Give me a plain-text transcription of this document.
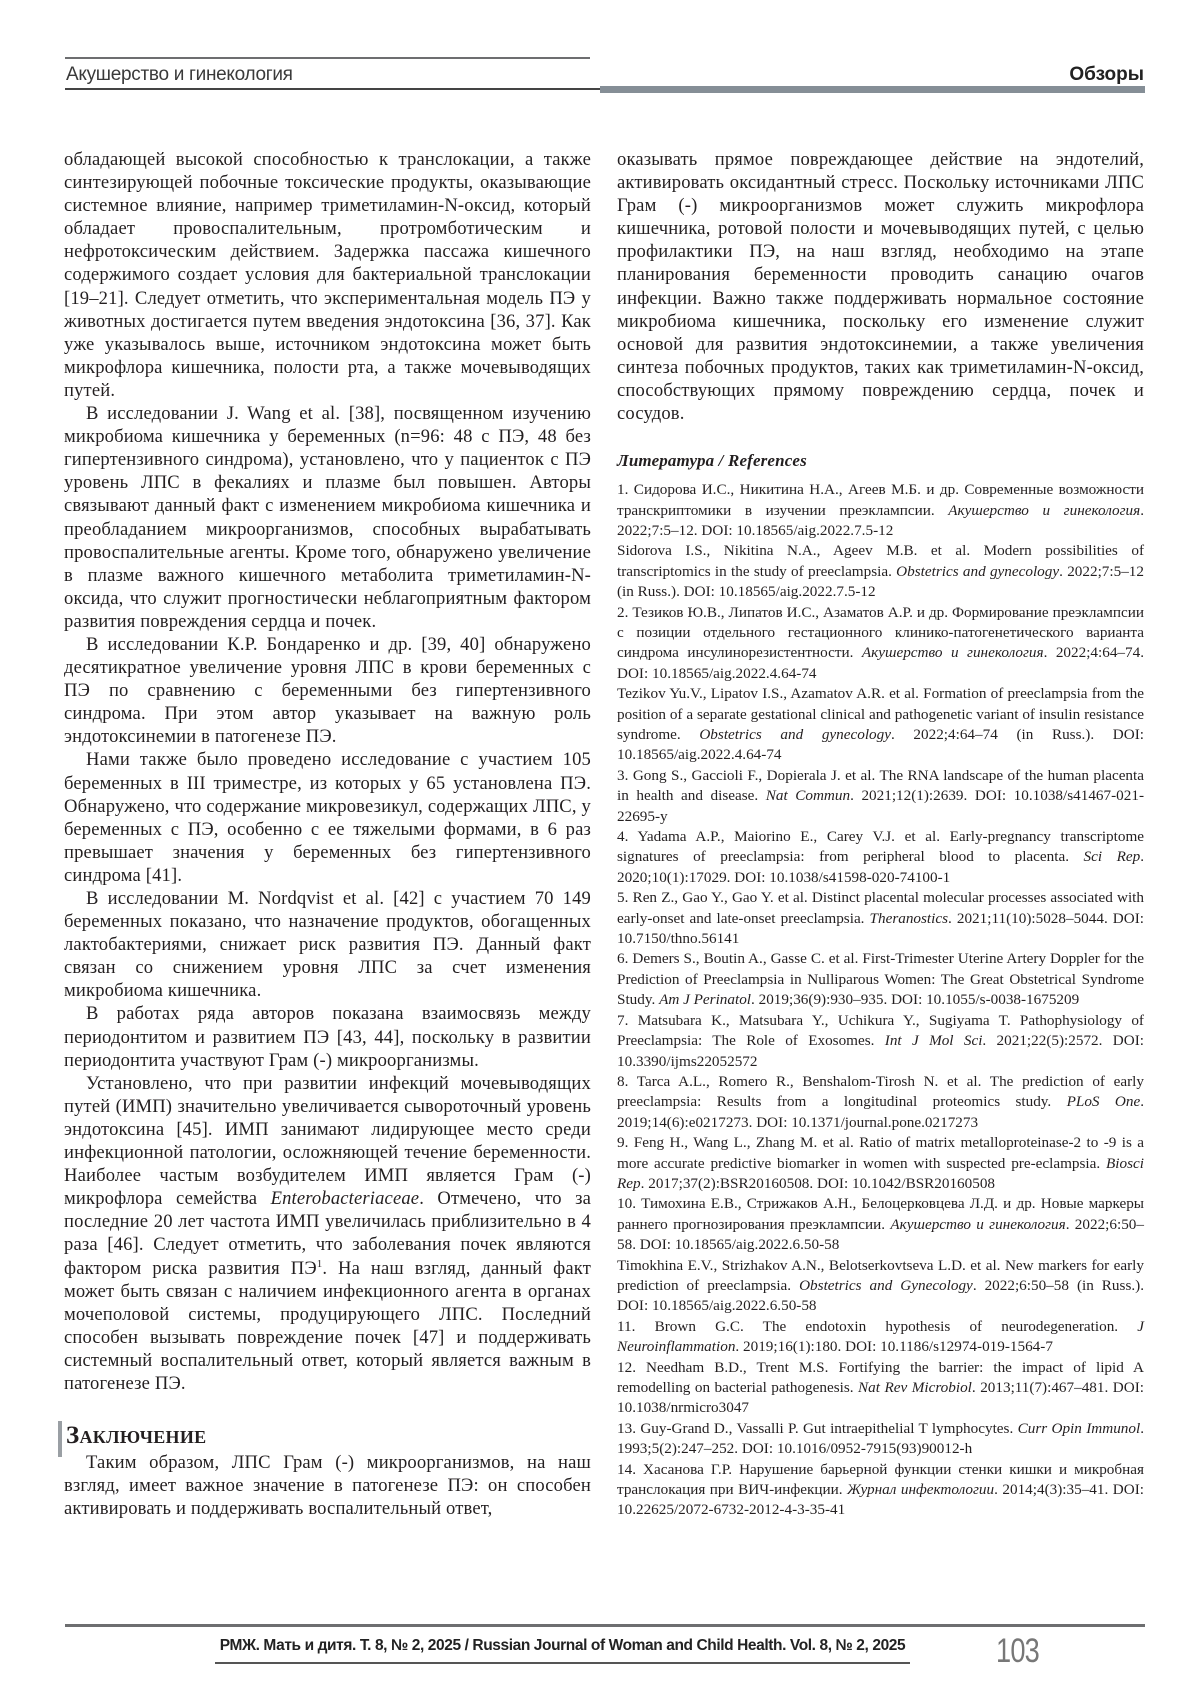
Акушерство и гинекология	Обзоры

обладающей высокой способностью к транслокации, а также синтезирующей побочные токсические продукты, оказывающие системное влияние, например триметиламин-N-оксид, который обладает провоспалительным, протромботическим и нефротоксическим действием. Задержка пассажа кишечного содержимого создает условия для бактериальной транслокации [19–21]. Следует отметить, что экспериментальная модель ПЭ у животных достигается путем введения эндотоксина [36, 37]. Как уже указывалось выше, источником эндотоксина может быть микрофлора кишечника, полости рта, а также мочевыводящих путей.

В исследовании J. Wang et al. [38], посвященном изучению микробиома кишечника у беременных (n=96: 48 с ПЭ, 48 без гипертензивного синдрома), установлено, что у пациенток с ПЭ уровень ЛПС в фекалиях и плазме был повышен. Авторы связывают данный факт с изменением микробиома кишечника и преобладанием микроорганизмов, способных вырабатывать провоспалительные агенты. Кроме того, обнаружено увеличение в плазме важного кишечного метаболита триметиламин-N-оксида, что служит прогностически неблагоприятным фактором развития повреждения сердца и почек.

В исследовании К.Р. Бондаренко и др. [39, 40] обнаружено десятикратное увеличение уровня ЛПС в крови беременных с ПЭ по сравнению с беременными без гипертензивного синдрома. При этом автор указывает на важную роль эндотоксинемии в патогенезе ПЭ.

Нами также было проведено исследование с участием 105 беременных в III триместре, из которых у 65 установлена ПЭ. Обнаружено, что содержание микровезикул, содержащих ЛПС, у беременных с ПЭ, особенно с ее тяжелыми формами, в 6 раз превышает значения у беременных без гипертензивного синдрома [41].

В исследовании M. Nordqvist et al. [42] с участием 70 149 беременных показано, что назначение продуктов, обогащенных лактобактериями, снижает риск развития ПЭ. Данный факт связан со снижением уровня ЛПС за счет изменения микробиома кишечника.

В работах ряда авторов показана взаимосвязь между периодонтитом и развитием ПЭ [43, 44], поскольку в развитии периодонтита участвуют Грам (-) микроорганизмы.

Установлено, что при развитии инфекций мочевыводящих путей (ИМП) значительно увеличивается сывороточный уровень эндотоксина [45]. ИМП занимают лидирующее место среди инфекционной патологии, осложняющей течение беременности. Наиболее частым возбудителем ИМП является Грам (-) микрофлора семейства Enterobacteriaceae. Отмечено, что за последние 20 лет частота ИМП увеличилась приблизительно в 4 раза [46]. Следует отметить, что заболевания почек являются фактором риска развития ПЭ1. На наш взгляд, данный факт может быть связан с наличием инфекционного агента в органах мочеполовой системы, продуцирующего ЛПС. Последний способен вызывать повреждение почек [47] и поддерживать системный воспалительный ответ, который является важным в патогенезе ПЭ.

Заключение

Таким образом, ЛПС Грам (-) микроорганизмов, на наш взгляд, имеет важное значение в патогенезе ПЭ: он способен активировать и поддерживать воспалительный ответ,

оказывать прямое повреждающее действие на эндотелий, активировать оксидантный стресс. Поскольку источниками ЛПС Грам (-) микроорганизмов может служить микрофлора кишечника, ротовой полости и мочевыводящих путей, с целью профилактики ПЭ, на наш взгляд, необходимо на этапе планирования беременности проводить санацию очагов инфекции. Важно также поддерживать нормальное состояние микробиома кишечника, поскольку его изменение служит основой для развития эндотоксинемии, а также увеличения синтеза побочных продуктов, таких как триметиламин-N-оксид, способствующих прямому повреждению сердца, почек и сосудов.

Литература / References
1. Сидорова И.С., Никитина Н.А., Агеев М.Б. и др. Современные возможности транскриптомики в изучении преэклампсии. Акушерство и гинекология. 2022;7:5–12. DOI: 10.18565/aig.2022.7.5-12
Sidorova I.S., Nikitina N.A., Ageev M.B. et al. Modern possibilities of transcriptomics in the study of preeclampsia. Obstetrics and gynecology. 2022;7:5–12 (in Russ.). DOI: 10.18565/aig.2022.7.5-12
2. Тезиков Ю.В., Липатов И.С., Азаматов А.Р. и др. Формирование преэклампсии с позиции отдельного гестационного клинико-патогенетического варианта синдрома инсулинорезистентности. Акушерство и гинекология. 2022;4:64–74. DOI: 10.18565/aig.2022.4.64-74
Tezikov Yu.V., Lipatov I.S., Azamatov A.R. et al. Formation of preeclampsia from the position of a separate gestational clinical and pathogenetic variant of insulin resistance syndrome. Obstetrics and gynecology. 2022;4:64–74 (in Russ.). DOI: 10.18565/aig.2022.4.64-74
3. Gong S., Gaccioli F., Dopierala J. et al. The RNA landscape of the human placenta in health and disease. Nat Commun. 2021;12(1):2639. DOI: 10.1038/s41467-021-22695-y
4. Yadama A.P., Maiorino E., Carey V.J. et al. Early-pregnancy transcriptome signatures of preeclampsia: from peripheral blood to placenta. Sci Rep. 2020;10(1):17029. DOI: 10.1038/s41598-020-74100-1
5. Ren Z., Gao Y., Gao Y. et al. Distinct placental molecular processes associated with early-onset and late-onset preeclampsia. Theranostics. 2021;11(10):5028–5044. DOI: 10.7150/thno.56141
6. Demers S., Boutin A., Gasse C. et al. First-Trimester Uterine Artery Doppler for the Prediction of Preeclampsia in Nulliparous Women: The Great Obstetrical Syndrome Study. Am J Perinatol. 2019;36(9):930–935. DOI: 10.1055/s-0038-1675209
7. Matsubara K., Matsubara Y., Uchikura Y., Sugiyama T. Pathophysiology of Preeclampsia: The Role of Exosomes. Int J Mol Sci. 2021;22(5):2572. DOI: 10.3390/ijms22052572
8. Tarca A.L., Romero R., Benshalom-Tirosh N. et al. The prediction of early preeclampsia: Results from a longitudinal proteomics study. PLoS One. 2019;14(6):e0217273. DOI: 10.1371/journal.pone.0217273
9. Feng H., Wang L., Zhang M. et al. Ratio of matrix metalloproteinase-2 to -9 is a more accurate predictive biomarker in women with suspected pre-eclampsia. Biosci Rep. 2017;37(2):BSR20160508. DOI: 10.1042/BSR20160508
10. Тимохина Е.В., Стрижаков А.Н., Белоцерковцева Л.Д. и др. Новые маркеры раннего прогнозирования преэклампсии. Акушерство и гинекология. 2022;6:50–58. DOI: 10.18565/aig.2022.6.50-58
Timokhina E.V., Strizhakov A.N., Belotserkovtseva L.D. et al. New markers for early prediction of preeclampsia. Obstetrics and Gynecology. 2022;6:50–58 (in Russ.). DOI: 10.18565/aig.2022.6.50-58
11. Brown G.C. The endotoxin hypothesis of neurodegeneration. J Neuroinflammation. 2019;16(1):180. DOI: 10.1186/s12974-019-1564-7
12. Needham B.D., Trent M.S. Fortifying the barrier: the impact of lipid A remodelling on bacterial pathogenesis. Nat Rev Microbiol. 2013;11(7):467–481. DOI: 10.1038/nrmicro3047
13. Guy-Grand D., Vassalli P. Gut intraepithelial T lymphocytes. Curr Opin Immunol. 1993;5(2):247–252. DOI: 10.1016/0952-7915(93)90012-h
14. Хасанова Г.Р. Нарушение барьерной функции стенки кишки и микробная транслокация при ВИЧ-инфекции. Журнал инфектологии. 2014;4(3):35–41. DOI: 10.22625/2072-6732-2012-4-3-35-41
РМЖ. Мать и дитя. Т. 8, № 2, 2025 / Russian Journal of Woman and Child Health. Vol. 8, № 2, 2025	103
